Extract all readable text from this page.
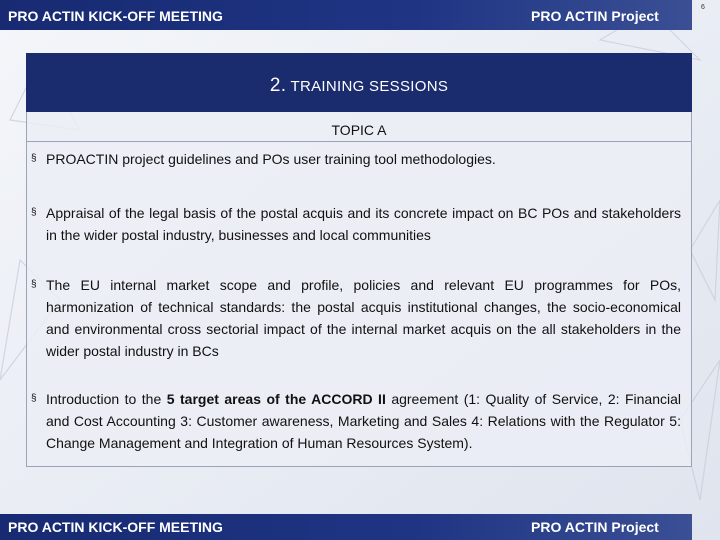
PRO ACTIN KICK-OFF MEETING	PRO ACTIN Project
6
2. TRAINING SESSIONS
TOPIC A
§ PROACTIN project guidelines and POs user training tool methodologies.
§ Appraisal of the legal basis of the postal acquis and its concrete impact on BC POs and stakeholders in the wider postal industry, businesses and local communities
§ The EU internal market scope and profile, policies and relevant EU programmes for POs, harmonization of technical standards: the postal acquis institutional changes, the socio-economical and environmental cross sectorial impact of the internal market acquis on the all stakeholders in the wider postal industry in BCs
§ Introduction to the 5 target areas of the ACCORD II agreement (1: Quality of Service, 2: Financial and Cost Accounting 3: Customer awareness, Marketing and Sales 4: Relations with the Regulator 5: Change Management and Integration of Human Resources System).
PRO ACTIN KICK-OFF MEETING	PRO ACTIN Project
